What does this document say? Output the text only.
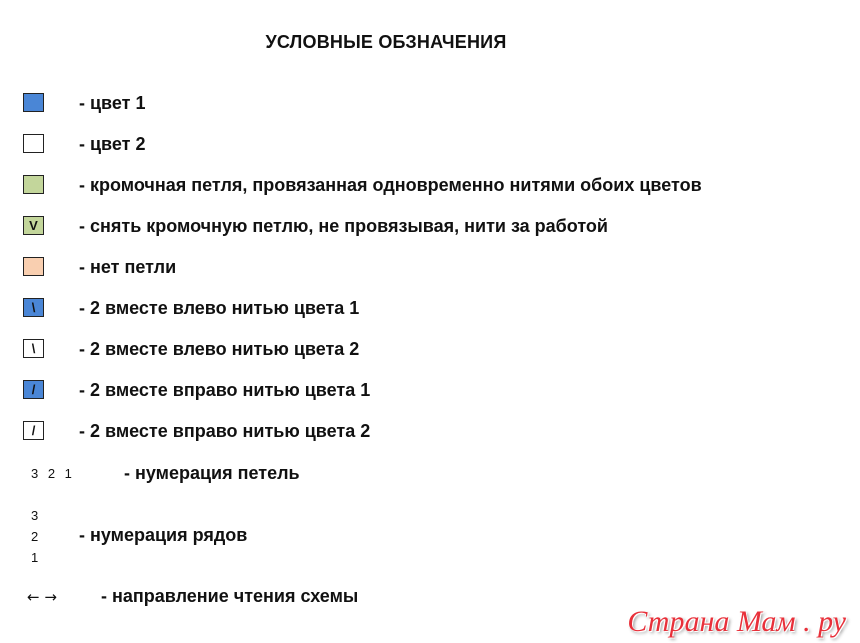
УСЛОВНЫЕ ОБЗНАЧЕНИЯ
- цвет 1
- цвет 2
- кромочная петля, провязанная одновременно нитями обоих цветов
V	- снять кромочную петлю, не провязывая, нити за работой
- нет петли
\	- 2 вместе влево нитью цвета 1
\	- 2 вместе влево нитью цвета 2
/	- 2 вместе вправо нитью цвета 1
/	- 2 вместе вправо нитью цвета 2
3 2 1	- нумерация петель
3
2
1
- нумерация рядов
← → - направление чтения схемы
Страна Мам . ру
